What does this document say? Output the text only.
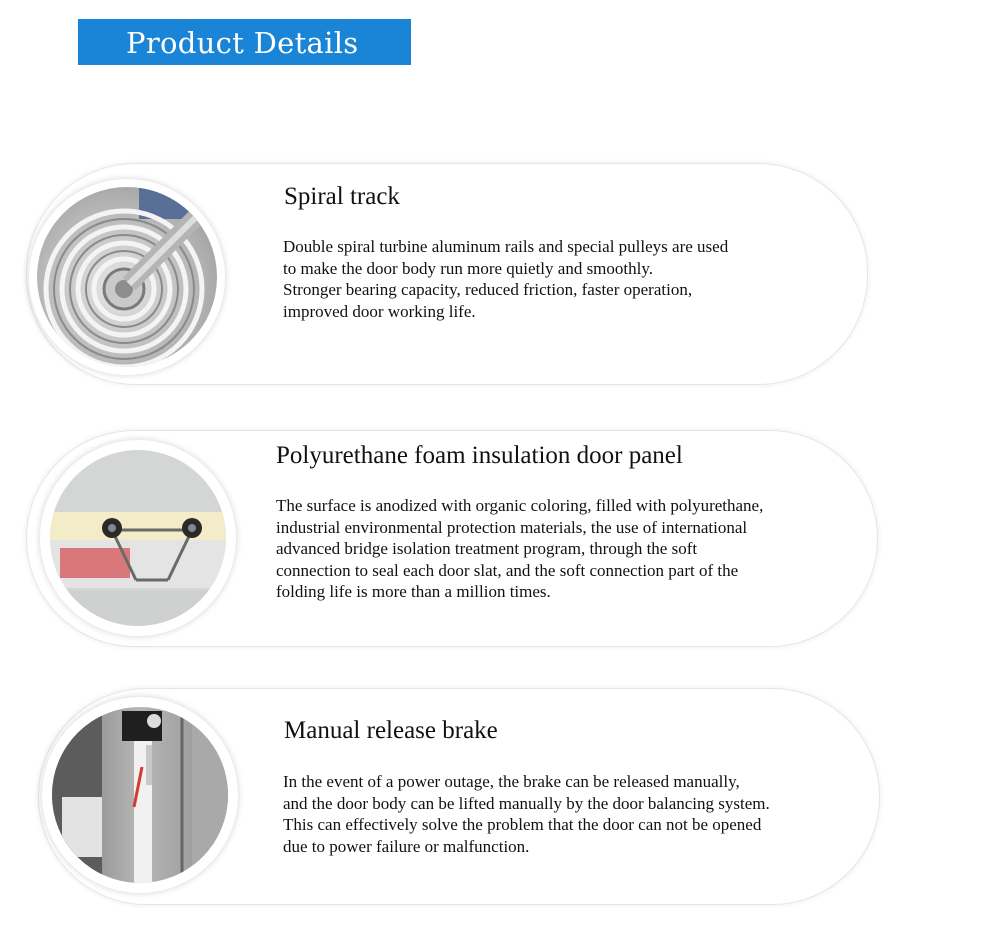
Product Details
Spiral track
Double spiral turbine aluminum rails and special pulleys are used
to make the door body run more quietly and smoothly.
Stronger bearing capacity, reduced friction, faster operation,
improved door working life.
Polyurethane foam insulation door panel
The surface is anodized with organic coloring, filled with polyurethane,
industrial environmental protection materials, the use of international
advanced bridge isolation treatment program, through the soft
connection to seal each door slat, and the soft connection part of the
folding life is more than a million times.
Manual release brake
In the event of a power outage, the brake can be released manually,
and the door body can be lifted manually by the door balancing system.
This can effectively solve the problem that the door can not be opened
due to power failure or malfunction.
